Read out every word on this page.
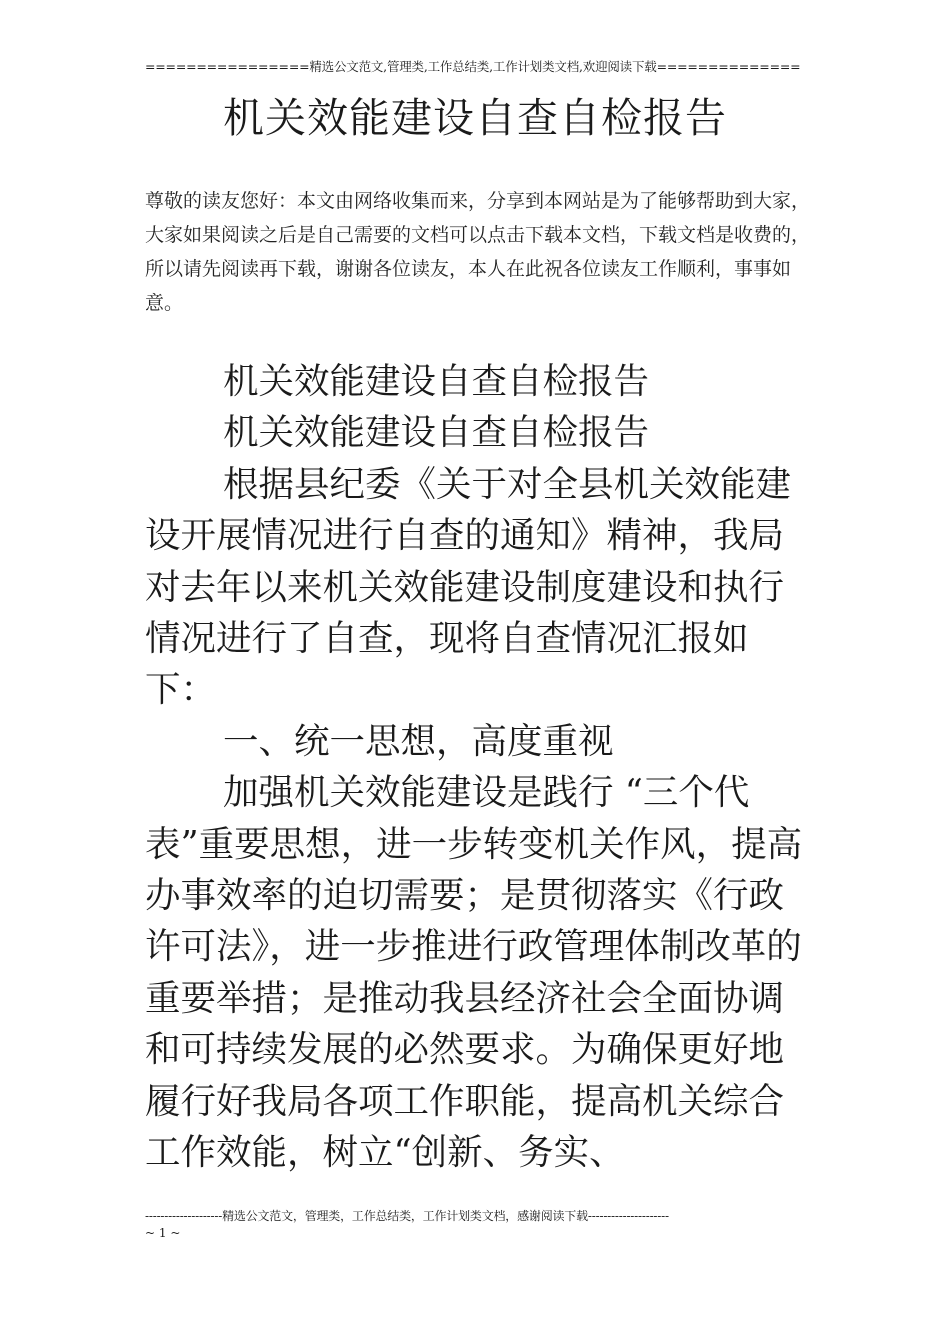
================精选公文范文,管理类,工作总结类,工作计划类文档,欢迎阅读下载==============
机关效能建设自查自检报告

尊敬的读友您好：本文由网络收集而来，分享到本网站是为了能够帮助到大家，大家如果阅读之后是自己需要的文档可以点击下载本文档，下载文档是收费的，所以请先阅读再下载，谢谢各位读友，本人在此祝各位读友工作顺利，事事如意。

机关效能建设自查自检报告

机关效能建设自查自检报告

根据县纪委《关于对全县机关效能建设开展情况进行自查的通知》精神，我局对去年以来机关效能建设制度建设和执行情况进行了自查，现将自查情况汇报如下：

一、统一思想，高度重视

加强机关效能建设是践行 “三个代表”重要思想，进一步转变机关作风，提高办事效率的迫切需要；是贯彻落实《行政许可法》，进一步推进行政管理体制改革的重要举措；是推动我县经济社会全面协调和可持续发展的必然要求。为确保更好地履行好我局各项工作职能，提高机关综合工作效能，树立“创新、务实、

--------------------精选公文范文，管理类，工作总结类，工作计划类文档，感谢阅读下载---------------------
~ 1 ~
